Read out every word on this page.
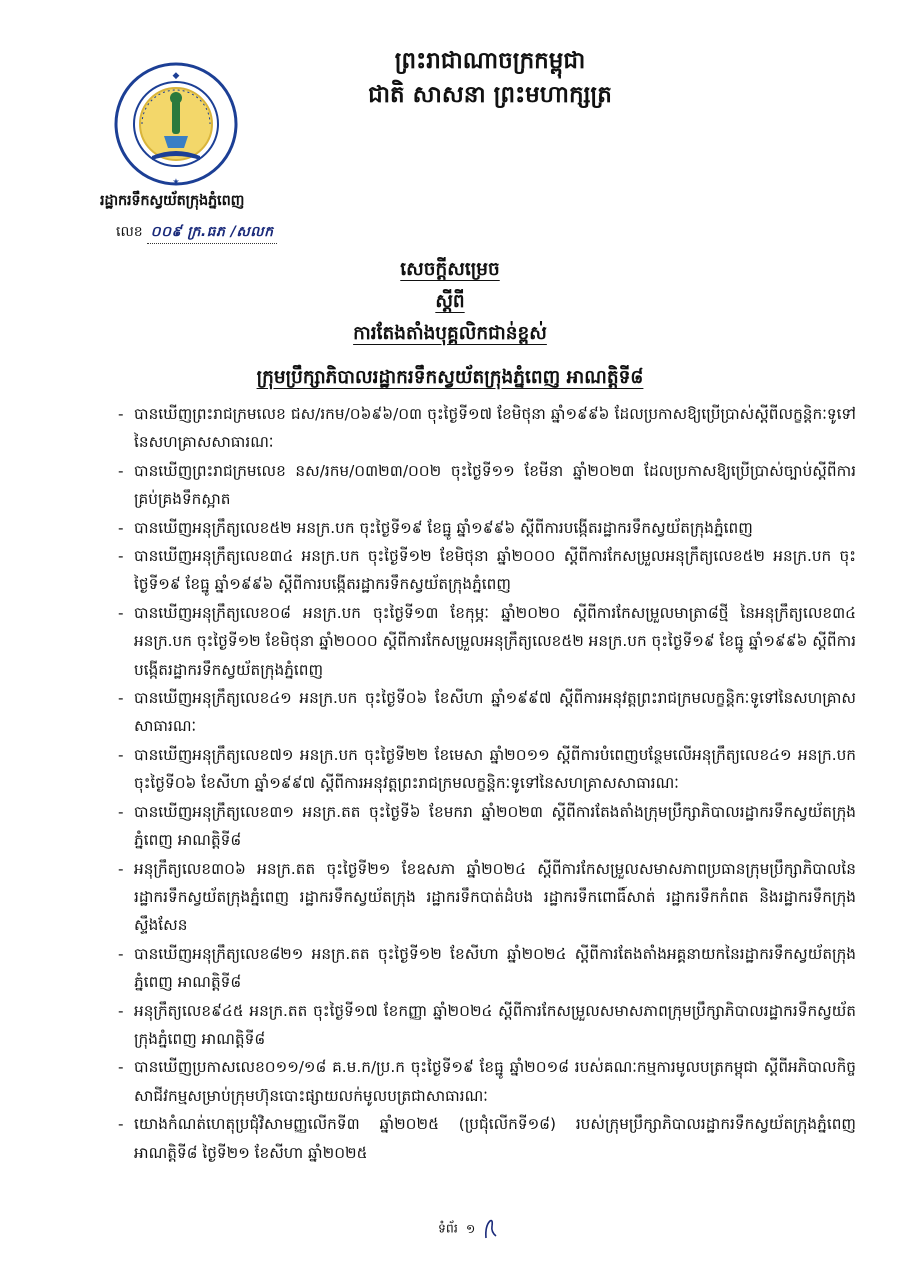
◆
★
រដ្ឋាករទឹកស្វយ័តក្រុងភ្នំពេញ
លេខ ០០៩ ក្រ.ធភ /សលក
ព្រះរាជាណាចក្រកម្ពុជា
ជាតិ សាសនា ព្រះមហាក្សត្រ
សេចក្តីសម្រេច
ស្តីពី
ការតែងតាំងបុគ្គលិកជាន់ខ្ពស់
ក្រុមប្រឹក្សាភិបាលរដ្ឋាករទឹកស្វយ័តក្រុងភ្នំពេញ អាណត្តិទី៨
- បានឃើញព្រះរាជក្រមលេខ ជស/រកម/០៦៩៦/០៣ ចុះថ្ងៃទី១៧ ខែមិថុនា ឆ្នាំ១៩៩៦ ដែលប្រកាសឱ្យប្រើប្រាស់ស្តីពីលក្ខន្តិកៈទូទៅនៃសហគ្រាសសាធារណៈ
- បានឃើញព្រះរាជក្រមលេខ នស/រកម/០៣២៣/០០២ ចុះថ្ងៃទី១១ ខែមីនា ឆ្នាំ២០២៣ ដែលប្រកាសឱ្យប្រើប្រាស់ច្បាប់ស្តីពីការគ្រប់គ្រងទឹកស្អាត
- បានឃើញអនុក្រឹត្យលេខ៥២ អនក្រ.បក ចុះថ្ងៃទី១៩ ខែធ្នូ ឆ្នាំ១៩៩៦ ស្តីពីការបង្កើតរដ្ឋាករទឹកស្វយ័តក្រុងភ្នំពេញ
- បានឃើញអនុក្រឹត្យលេខ៣៤ អនក្រ.បក ចុះថ្ងៃទី១២ ខែមិថុនា ឆ្នាំ២០០០ ស្តីពីការកែសម្រួលអនុក្រឹត្យលេខ៥២ អនក្រ.បក ចុះថ្ងៃទី១៩ ខែធ្នូ ឆ្នាំ១៩៩៦ ស្តីពីការបង្កើតរដ្ឋាករទឹកស្វយ័តក្រុងភ្នំពេញ
- បានឃើញអនុក្រឹត្យលេខ០៨ អនក្រ.បក ចុះថ្ងៃទី១៣ ខែកុម្ភៈ ឆ្នាំ២០២០ ស្តីពីការកែសម្រួលមាត្រា៨ថ្មី នៃអនុក្រឹត្យលេខ៣៤ អនក្រ.បក ចុះថ្ងៃទី១២ ខែមិថុនា ឆ្នាំ២០០០ ស្តីពីការកែសម្រួលអនុក្រឹត្យលេខ៥២ អនក្រ.បក ចុះថ្ងៃទី១៩ ខែធ្នូ ឆ្នាំ១៩៩៦ ស្តីពីការបង្កើតរដ្ឋាករទឹកស្វយ័តក្រុងភ្នំពេញ
- បានឃើញអនុក្រឹត្យលេខ៤១ អនក្រ.បក ចុះថ្ងៃទី០៦ ខែសីហា ឆ្នាំ១៩៩៧ ស្តីពីការអនុវត្តព្រះរាជក្រមលក្ខន្តិកៈទូទៅនៃសហគ្រាសសាធារណៈ
- បានឃើញអនុក្រឹត្យលេខ៧១ អនក្រ.បក ចុះថ្ងៃទី២២ ខែមេសា ឆ្នាំ២០១១ ស្តីពីការបំពេញបន្ថែមលើអនុក្រឹត្យលេខ៤១ អនក្រ.បក ចុះថ្ងៃទី០៦ ខែសីហា ឆ្នាំ១៩៩៧ ស្តីពីការអនុវត្តព្រះរាជក្រមលក្ខន្តិកៈទូទៅនៃសហគ្រាសសាធារណៈ
- បានឃើញអនុក្រឹត្យលេខ៣១ អនក្រ.តត ចុះថ្ងៃទី៦ ខែមករា ឆ្នាំ២០២៣ ស្តីពីការតែងតាំងក្រុមប្រឹក្សាភិបាលរដ្ឋាករទឹកស្វយ័តក្រុងភ្នំពេញ អាណត្តិទី៨
- អនុក្រឹត្យលេខ៣០៦ អនក្រ.តត ចុះថ្ងៃទី២១ ខែឧសភា ឆ្នាំ២០២៤ ស្តីពីការកែសម្រួលសមាសភាពប្រធានក្រុមប្រឹក្សាភិបាលនៃរដ្ឋាករទឹកស្វយ័តក្រុងភ្នំពេញ រដ្ឋាករទឹកស្វយ័តក្រុង រដ្ឋាករទឹកបាត់ដំបង រដ្ឋាករទឹកពោធិ៍សាត់ រដ្ឋាករទឹកកំពត និងរដ្ឋាករទឹកក្រុងស្ទឹងសែន
- បានឃើញអនុក្រឹត្យលេខ៨២១ អនក្រ.តត ចុះថ្ងៃទី១២ ខែសីហា ឆ្នាំ២០២៤ ស្តីពីការតែងតាំងអគ្គនាយកនៃរដ្ឋាករទឹកស្វយ័តក្រុងភ្នំពេញ អាណត្តិទី៨
- អនុក្រឹត្យលេខ៩៤៥ អនក្រ.តត ចុះថ្ងៃទី១៧ ខែកញ្ញា ឆ្នាំ២០២៤ ស្តីពីការកែសម្រួលសមាសភាពក្រុមប្រឹក្សាភិបាលរដ្ឋាករទឹកស្វយ័តក្រុងភ្នំពេញ អាណត្តិទី៨
- បានឃើញប្រកាសលេខ០១១/១៨ គ.ម.ក/ប្រ.ក ចុះថ្ងៃទី១៩ ខែធ្នូ ឆ្នាំ២០១៨ របស់គណៈកម្មការមូលបត្រកម្ពុជា ស្តីពីអភិបាលកិច្ចសាជីវកម្មសម្រាប់ក្រុមហ៊ុនបោះផ្សាយលក់មូលបត្រជាសាធារណៈ
- យោងកំណត់ហេតុប្រជុំវិសាមញ្ញលើកទី៣ ឆ្នាំ២០២៥ (ប្រជុំលើកទី១៨) របស់ក្រុមប្រឹក្សាភិបាលរដ្ឋាករទឹកស្វយ័តក្រុងភ្នំពេញអាណត្តិទី៨ ថ្ងៃទី២១ ខែសីហា ឆ្នាំ២០២៥
ទំព័រ ១
